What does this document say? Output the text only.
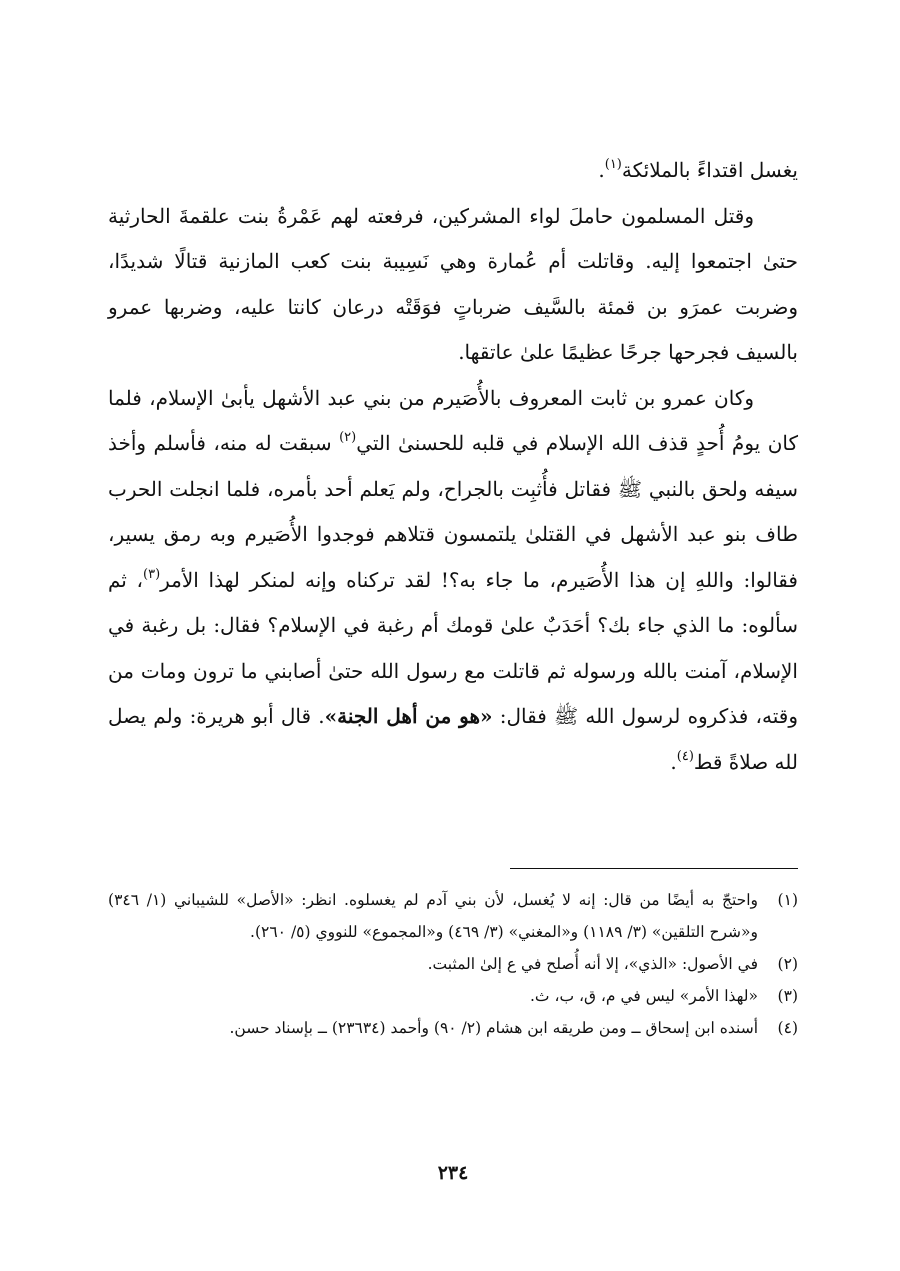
يغسل اقتداءً بالملائكة$^{(١)}$.

وقتل المسلمون حاملَ لواء المشركين، فرفعته لهم عَمْرةُ بنت علقمةَ الحارثية حتىٰ اجتمعوا إليه. وقاتلت أم عُمارة وهي نَسِيبة بنت كعب المازنية قتالًا شديدًا، وضربت عمرَو بن قمئة بالسَّيف ضرباتٍ فوَقَتْه درعان كانتا عليه، وضربها عمرو بالسيف فجرحها جرحًا عظيمًا علىٰ عاتقها.

وكان عمرو بن ثابت المعروف بالأُصَيرم من بني عبد الأشهل يأبىٰ الإسلام، فلما كان يومُ أُحدٍ قذف الله الإسلام في قلبه للحسنىٰ التي$^{(٢)}$ سبقت له منه، فأسلم وأخذ سيفه ولحق بالنبي ﷺ فقاتل فأُثبِت بالجراح، ولم يَعلم أحد بأمره، فلما انجلت الحرب طاف بنو عبد الأشهل في القتلىٰ يلتمسون قتلاهم فوجدوا الأُصَيرم وبه رمق يسير، فقالوا: واللهِ إن هذا الأُصَيرم، ما جاء به؟! لقد تركناه وإنه لمنكر لهذا الأمر$^{(٣)}$، ثم سألوه: ما الذي جاء بك؟ أحَدَبٌ علىٰ قومك أم رغبة في الإسلام؟ فقال: بل رغبة في الإسلام، آمنت بالله ورسوله ثم قاتلت مع رسول الله حتىٰ أصابني ما ترون ومات من وقته، فذكروه لرسول الله ﷺ فقال: «هو من أهل الجنة». قال أبو هريرة: ولم يصل لله صلاةً قط$^{(٤)}$.

(١)
واحتجّ به أيضًا من قال: إنه لا يُغسل، لأن بني آدم لم يغسلوه. انظر: «الأصل» للشيباني (١/ ٣٤٦) و«شرح التلقين» (٣/ ١١٨٩) و«المغني» (٣/ ٤٦٩) و«المجموع» للنووي (٥/ ٢٦٠).
(٢)
في الأصول: «الذي»، إلا أنه أُصلح في ع إلىٰ المثبت.
(٣)
«لهذا الأمر» ليس في م، ق، ب، ث.
(٤)
أسنده ابن إسحاق ــ ومن طريقه ابن هشام (٢/ ٩٠) وأحمد (٢٣٦٣٤) ــ بإسناد حسن.
٢٣٤
